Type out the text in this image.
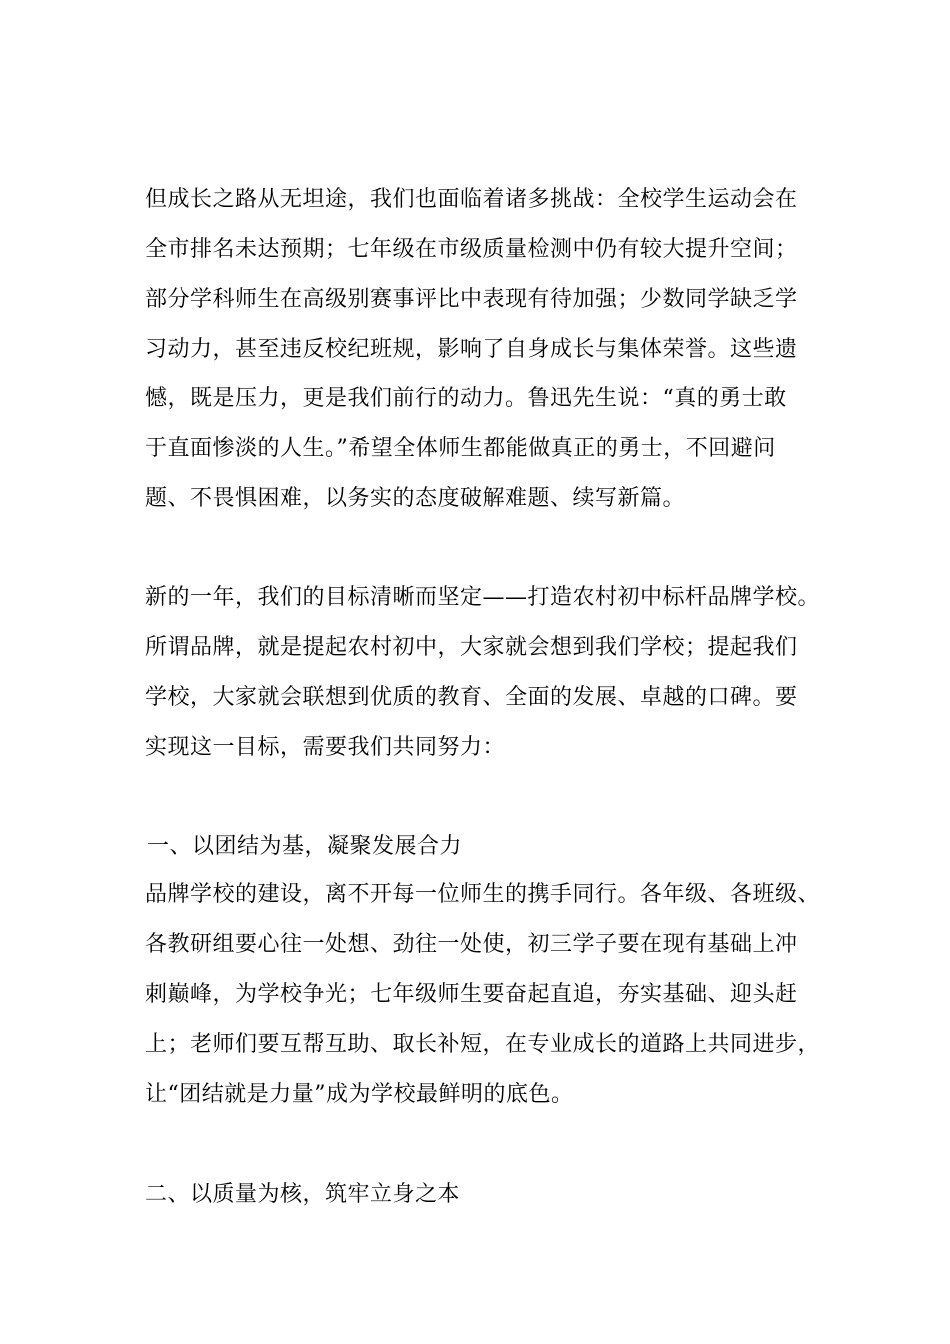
但成长之路从无坦途，我们也面临着诸多挑战：全校学生运动会在
全市排名未达预期；七年级在市级质量检测中仍有较大提升空间；
部分学科师生在高级别赛事评比中表现有待加强；少数同学缺乏学
习动力，甚至违反校纪班规，影响了自身成长与集体荣誉。这些遗
憾，既是压力，更是我们前行的动力。鲁迅先生说：“真的勇士敢
于直面惨淡的人生。”希望全体师生都能做真正的勇士，不回避问
题、不畏惧困难，以务实的态度破解难题、续写新篇。
新的一年，我们的目标清晰而坚定——打造农村初中标杆品牌学校。
所谓品牌，就是提起农村初中，大家就会想到我们学校；提起我们
学校，大家就会联想到优质的教育、全面的发展、卓越的口碑。要
实现这一目标，需要我们共同努力：
一、以团结为基，凝聚发展合力
品牌学校的建设，离不开每一位师生的携手同行。各年级、各班级、
各教研组要心往一处想、劲往一处使，初三学子要在现有基础上冲
刺巅峰，为学校争光；七年级师生要奋起直追，夯实基础、迎头赶
上；老师们要互帮互助、取长补短，在专业成长的道路上共同进步，
让“团结就是力量”成为学校最鲜明的底色。
二、以质量为核，筑牢立身之本
